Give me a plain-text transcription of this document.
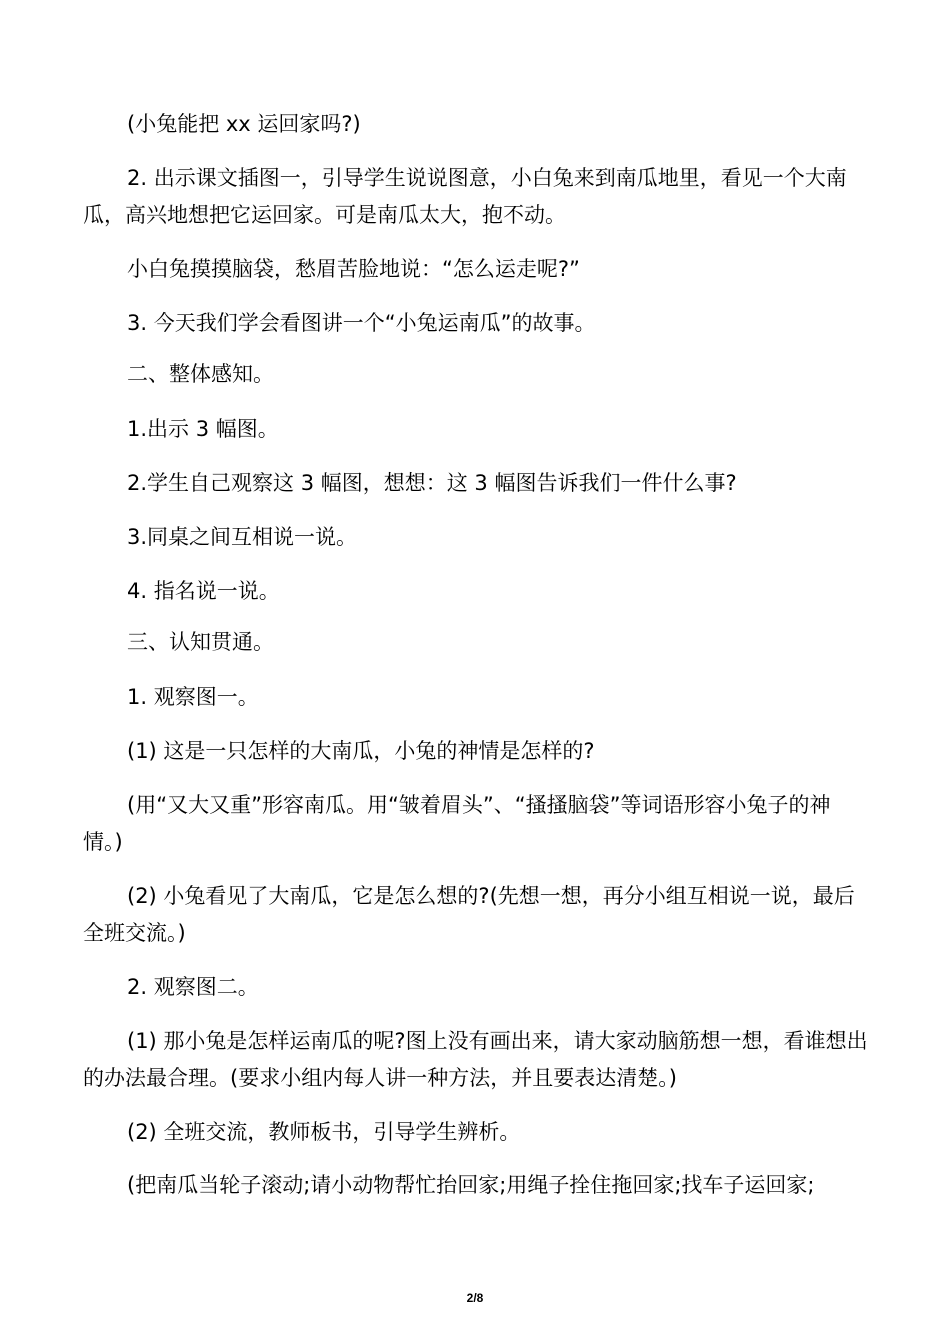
(小兔能把 xx 运回家吗?)

2. 出示课文插图一，引导学生说说图意，小白兔来到南瓜地里，看见一个大南瓜，高兴地想把它运回家。可是南瓜太大，抱不动。

小白兔摸摸脑袋，愁眉苦脸地说：“怎么运走呢?”

3. 今天我们学会看图讲一个“小兔运南瓜”的故事。

二、整体感知。

1.出示 3 幅图。

2.学生自己观察这 3 幅图，想想：这 3 幅图告诉我们一件什么事?

3.同桌之间互相说一说。

4. 指名说一说。

三、认知贯通。

1. 观察图一。

(1) 这是一只怎样的大南瓜，小兔的神情是怎样的?

(用“又大又重”形容南瓜。用“皱着眉头”、“搔搔脑袋”等词语形容小兔子的神情。)

(2) 小兔看见了大南瓜，它是怎么想的?(先想一想，再分小组互相说一说，最后全班交流。)

2. 观察图二。

(1) 那小兔是怎样运南瓜的呢?图上没有画出来，请大家动脑筋想一想，看谁想出的办法最合理。(要求小组内每人讲一种方法，并且要表达清楚。)

(2) 全班交流，教师板书，引导学生辨析。

(把南瓜当轮子滚动;请小动物帮忙抬回家;用绳子拴住拖回家;找车子运回家;

2/8
